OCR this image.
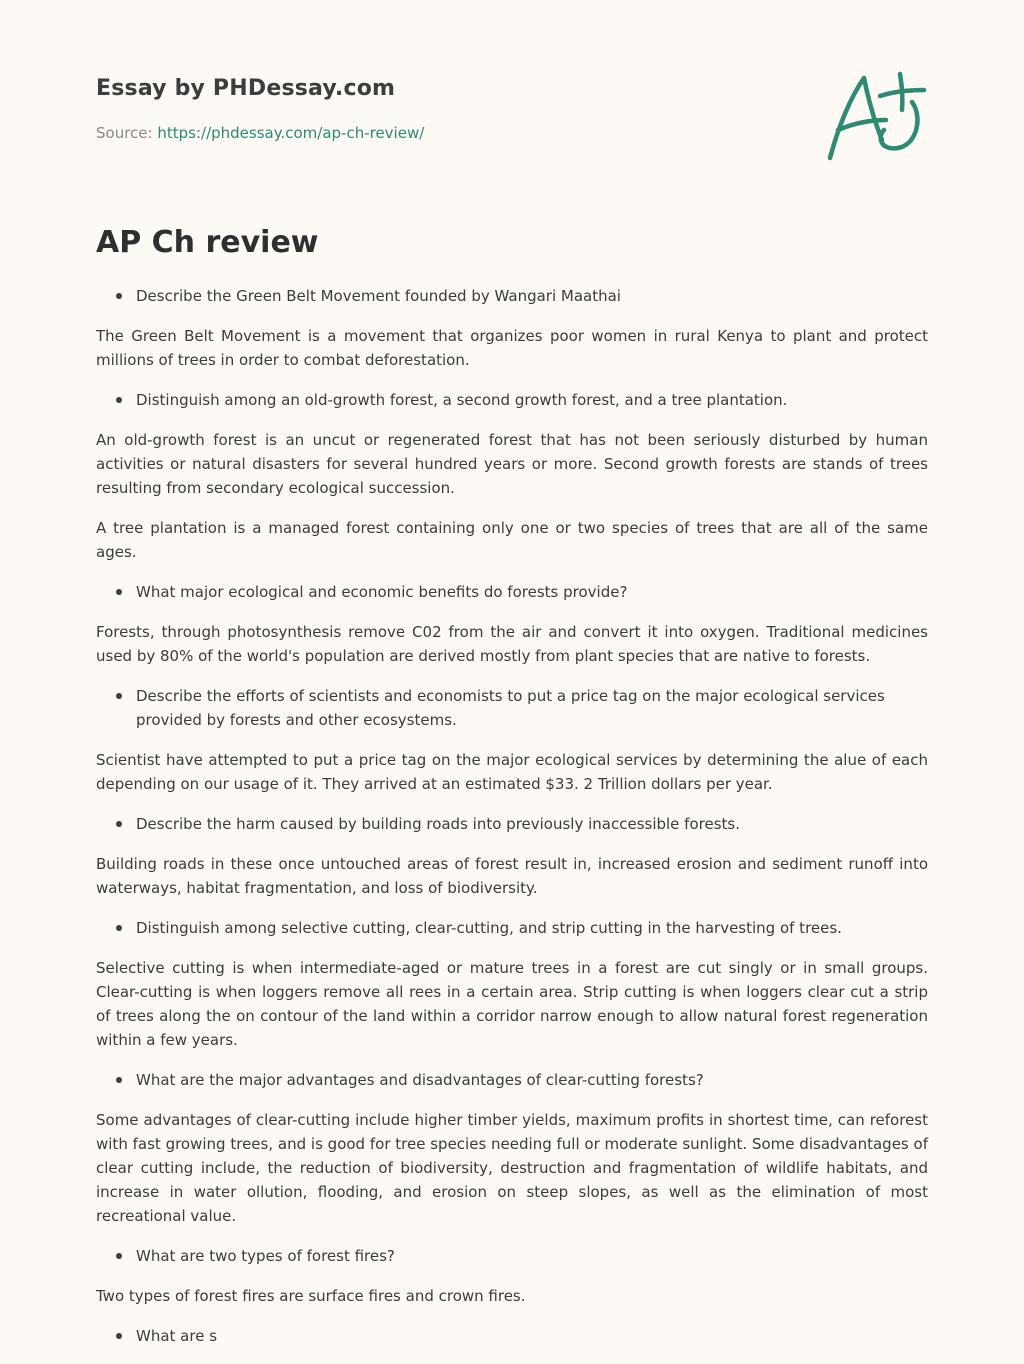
Essay by PHDessay.com
Source: https://phdessay.com/ap-ch-review/
AP Ch review

Describe the Green Belt Movement founded by Wangari Maathai

The Green Belt Movement is a movement that organizes poor women in rural Kenya to plant and protect millions of trees in order to combat deforestation.

Distinguish among an old-growth forest, a second growth forest, and a tree plantation.

An old-growth forest is an uncut or regenerated forest that has not been seriously disturbed by human activities or natural disasters for several hundred years or more. Second growth forests are stands of trees resulting from secondary ecological succession.

A tree plantation is a managed forest containing only one or two species of trees that are all of the same ages.

What major ecological and economic benefits do forests provide?

Forests, through photosynthesis remove C02 from the air and convert it into oxygen. Traditional medicines used by 80% of the world's population are derived mostly from plant species that are native to forests.

Describe the efforts of scientists and economists to put a price tag on the major ecological services provided by forests and other ecosystems.

Scientist have attempted to put a price tag on the major ecological services by determining the alue of each depending on our usage of it. They arrived at an estimated $33. 2 Trillion dollars per year.

Describe the harm caused by building roads into previously inaccessible forests.

Building roads in these once untouched areas of forest result in, increased erosion and sediment runoff into waterways, habitat fragmentation, and loss of biodiversity.

Distinguish among selective cutting, clear-cutting, and strip cutting in the harvesting of trees.

Selective cutting is when intermediate-aged or mature trees in a forest are cut singly or in small groups. Clear-cutting is when loggers remove all rees in a certain area. Strip cutting is when loggers clear cut a strip of trees along the on contour of the land within a corridor narrow enough to allow natural forest regeneration within a few years.

What are the major advantages and disadvantages of clear-cutting forests?

Some advantages of clear-cutting include higher timber yields, maximum profits in shortest time, can reforest with fast growing trees, and is good for tree species needing full or moderate sunlight. Some disadvantages of clear cutting include, the reduction of biodiversity, destruction and fragmentation of wildlife habitats, and increase in water ollution, flooding, and erosion on steep slopes, as well as the elimination of most recreational value.

What are two types of forest fires?

Two types of forest fires are surface fires and crown fires.

What are s
